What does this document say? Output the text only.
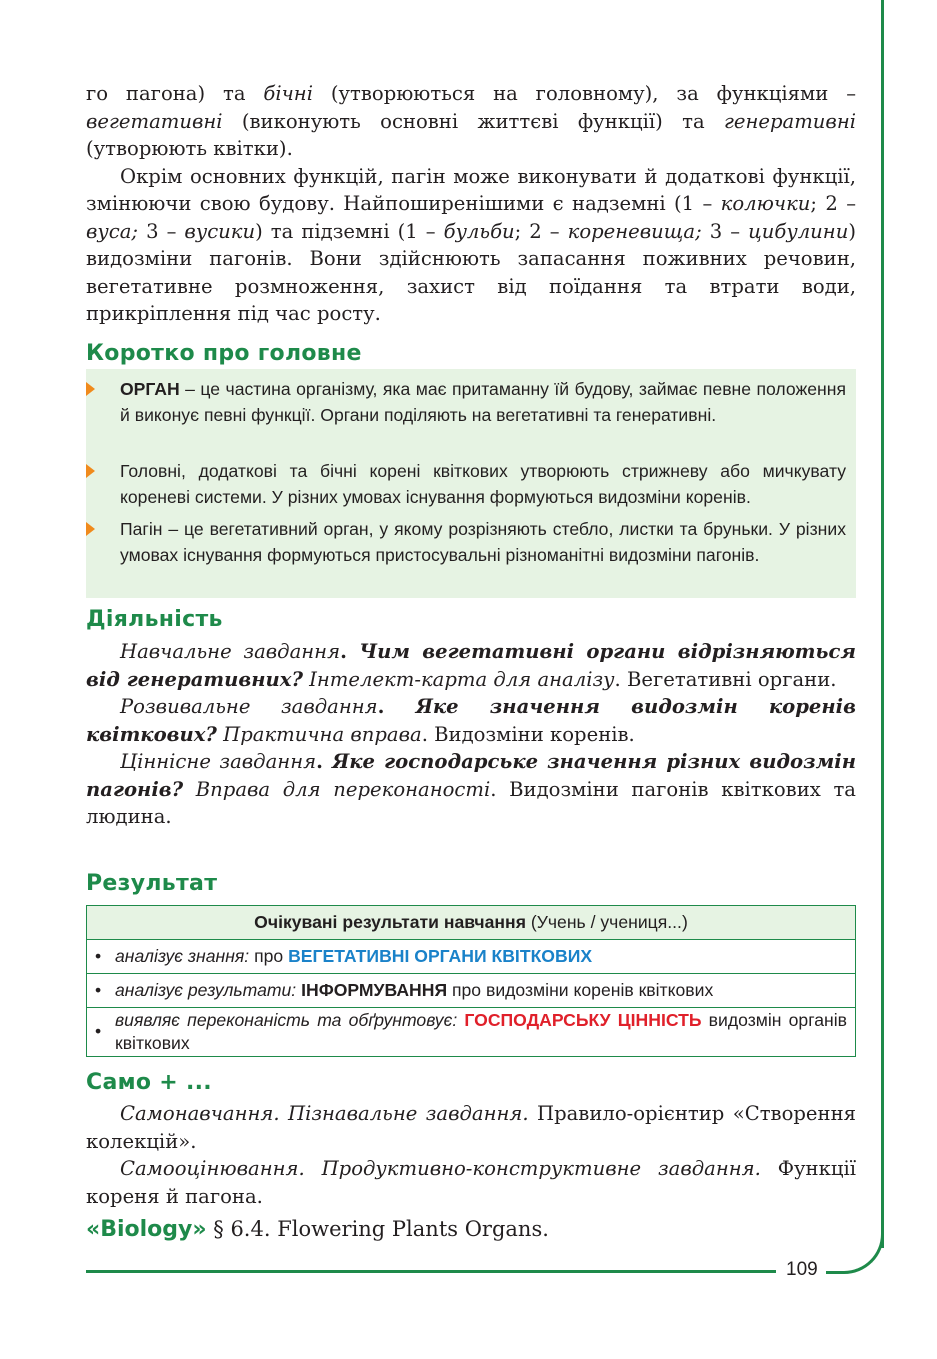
го пагона) та бічні (утворюються на головному), за функціями – вегетативні (виконують основні життєві функції) та генеративні (утворюють квітки).

Окрім основних функцій, пагін може виконувати й додаткові функції, змінюючи свою будову. Найпоширенішими є надземні (1 – колючки; 2 – вуса; 3 – вусики) та підземні (1 – бульби; 2 – кореневища; 3 – цибулини) видозміни пагонів. Вони здійснюють запасання поживних речовин, вегетативне розмноження, захист від поїдання та втрати води, прикріплення під час росту.

Коротко про головне
ОРГАН – це частина організму, яка має притаманну їй будову, займає певне положення й виконує певні функції. Органи поділяють на вегетативні та генеративні.
Головні, додаткові та бічні корені квіткових утворюють стрижневу або мичкувату кореневі системи. У різних умовах існування формуються видозміни коренів.
Пагін – це вегетативний орган, у якому розрізняють стебло, листки та бруньки. У різних умовах існування формуються пристосувальні різноманітні видозміни пагонів.
Діяльність

Навчальне завдання. Чим вегетативні органи відрізняються від генеративних? Інтелект-карта для аналізу. Вегетативні органи.

Розвивальне завдання. Яке значення видозмін коренів квіткових? Практична вправа. Видозміни коренів.

Ціннісне завдання. Яке господарське значення різних видозмін пагонів? Вправа для переконаності. Видозміни пагонів квіткових та людина.

Результат
Очікувані результати навчання (Учень / учениця...)

• аналізує знання: про ВЕГЕТАТИВНІ ОРГАНИ КВІТКОВИХ

• аналізує результати: ІНФОРМУВАННЯ про видозміни коренів квіткових

•
виявляє переконаність та обґрунтовує: ГОСПОДАРСЬКУ ЦІННІСТЬ видозмін органів квіткових
Само + ...

Самонавчання. Пізнавальне завдання. Правило-орієнтир «Створення колекцій».

Самооцінювання. Продуктивно-конструктивне завдання. Функції кореня й пагона.

«Biology» § 6.4. Flowering Plants Organs.
109
